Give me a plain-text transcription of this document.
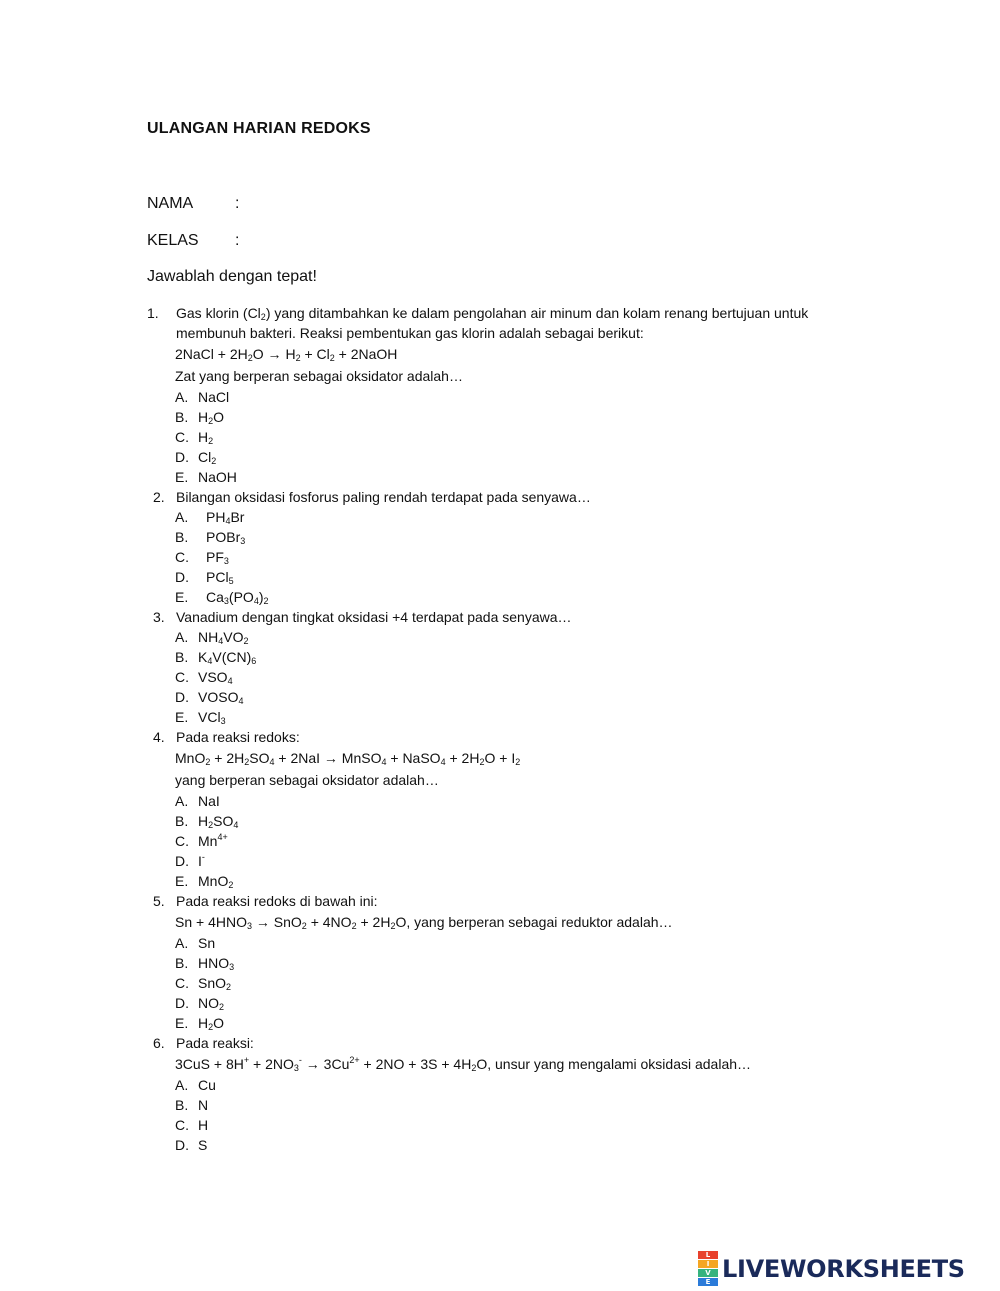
ULANGAN HARIAN REDOKS
NAMA	:
KELAS :
Jawablah dengan tepat!
1. Gas klorin $(Cl_2)$ yang ditambahkan ke dalam pengolahan air minum dan kolam renang bertujuan untuk
membunuh bakteri. Reaksi pembentukan gas klorin adalah sebagai berikut:
2NaCl + $2H_2O \to H_2 + Cl_2$ + 2NaOH
Zat yang berperan sebagai oksidator adalah…
A. NaCl
B. $H_2O$
C. $H_2$
D. $Cl_2$
E. NaOH
2. Bilangan oksidasi fosforus paling rendah terdapat pada senyawa…
A. $PH_4Br$
B. POBr$_3$
C. $PF_3$
D. PCl$_5$
E. $Ca_3(PO_4)_2$
3. Vanadium dengan tingkat oksidasi +4 terdapat pada senyawa…
A. $NH_4VO_2$
B. $K_4V(CN)_6$
C. $VSO_4$
D. $VOSO_4$
E. VCl$_3$
4. Pada reaksi redoks:
$MnO_2 + 2H_2SO_4 + 2NaI$ → MnSO$_4$ + NaSO$_4$ + $2H_2O + I_2$
yang berperan sebagai oksidator adalah…
A. NaI
B. $H_2SO_4$
C. $Mn^{4+}$
D. I-
E. MnO$_2$
5. Pada reaksi redoks di bawah ini:
$Sn + 4HNO_3 \to SnO_2 + 4NO_2 + 2H_2O$, yang berperan sebagai reduktor adalah…
A. Sn
B. $HNO_3$
C. SnO$_2$
D. $NO_2$
E. $H_2O$
6. Pada reaksi:
$3CuS + 8H^+ + 2NO_3^- \to 3Cu^{2+} + 2NO + 3S + 4H_2O$, unsur yang mengalami oksidasi adalah…
A. Cu
B. N
C. H
D. S
L
I
V
E LIVEWORKSHEETS
